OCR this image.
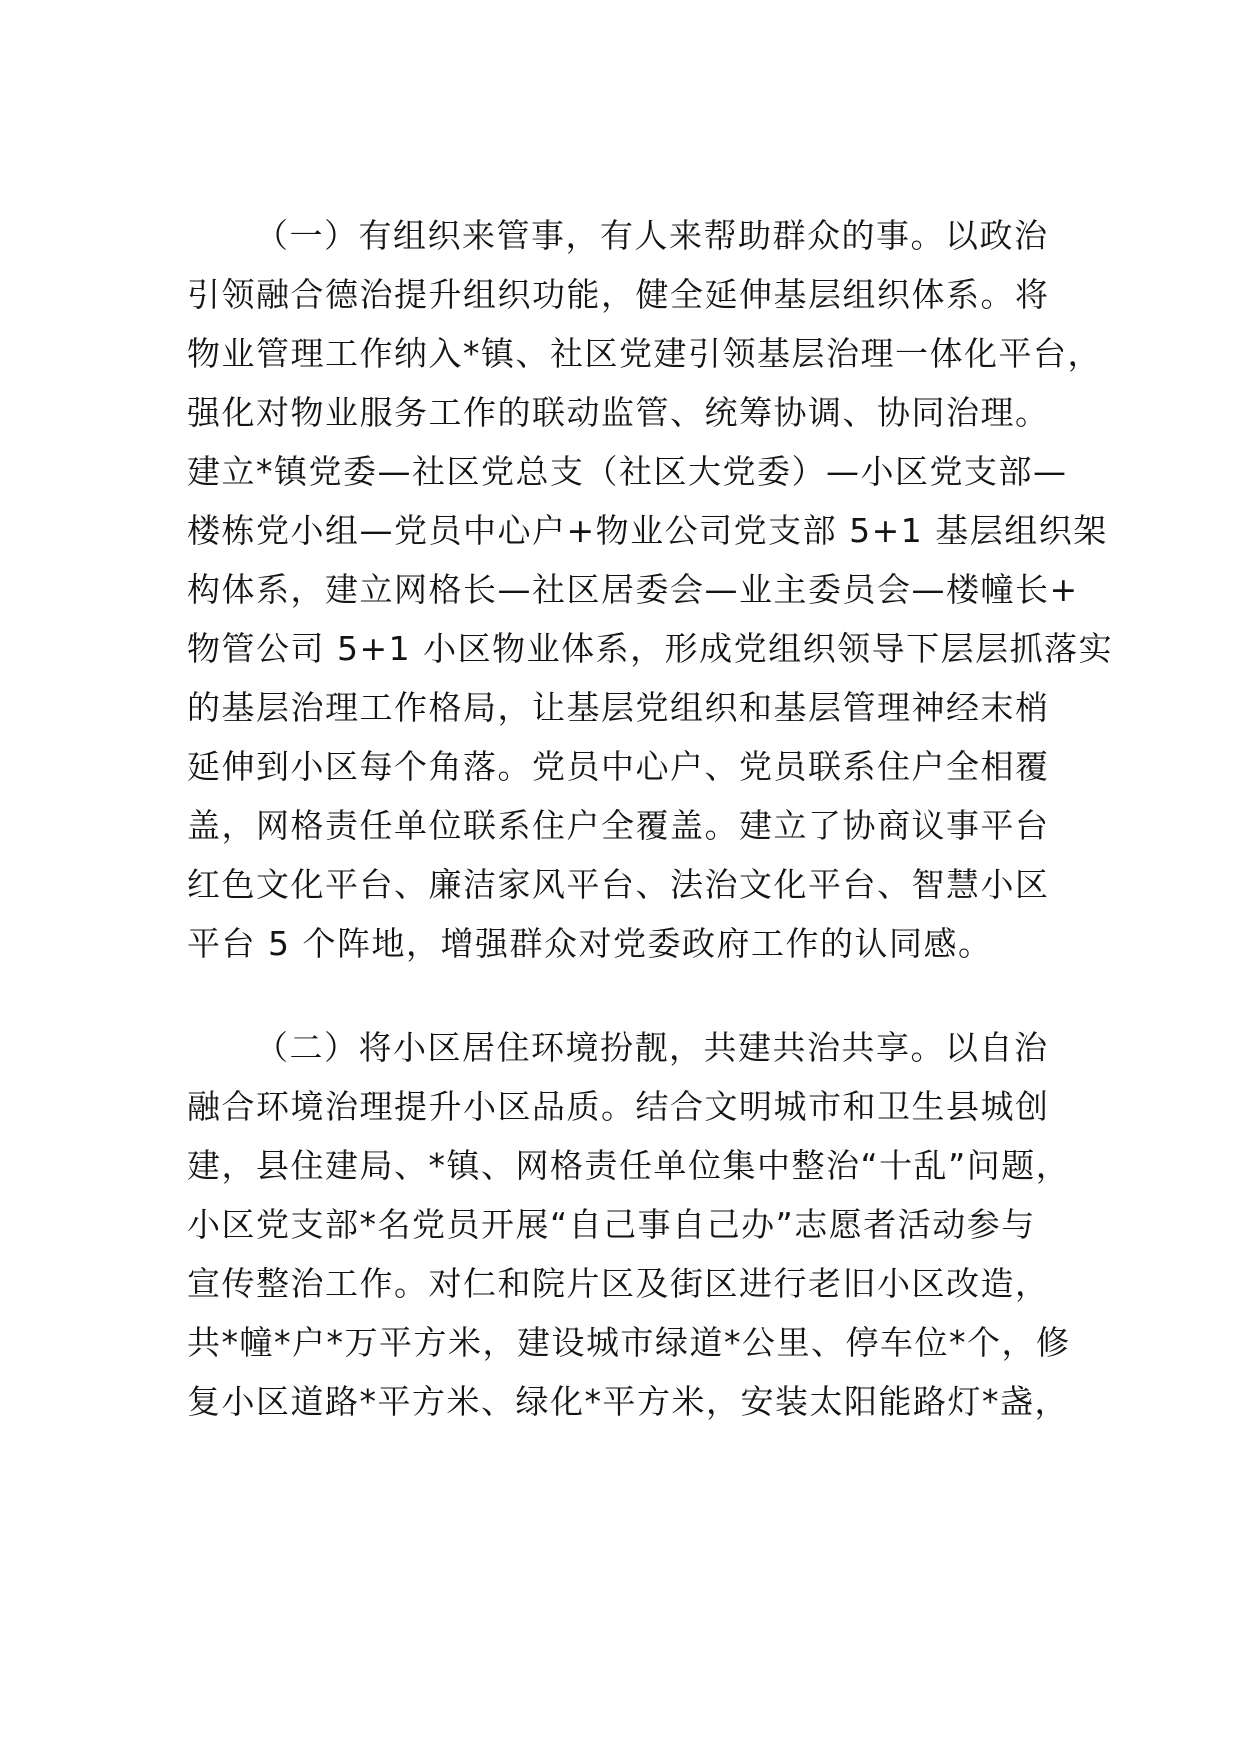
（一）有组织来管事，有人来帮助群众的事。以政治
引领融合德治提升组织功能，健全延伸基层组织体系。将
物业管理工作纳入*镇、社区党建引领基层治理一体化平台，
强化对物业服务工作的联动监管、统筹协调、协同治理。
建立*镇党委—社区党总支（社区大党委）—小区党支部—
楼栋党小组—党员中心户+物业公司党支部 5+1 基层组织架
构体系，建立网格长—社区居委会—业主委员会—楼幢长+
物管公司 5+1 小区物业体系，形成党组织领导下层层抓落实
的基层治理工作格局，让基层党组织和基层管理神经末梢
延伸到小区每个角落。党员中心户、党员联系住户全相覆
盖，网格责任单位联系住户全覆盖。建立了协商议事平台
红色文化平台、廉洁家风平台、法治文化平台、智慧小区
平台 5 个阵地，增强群众对党委政府工作的认同感。
（二）将小区居住环境扮靓，共建共治共享。以自治
融合环境治理提升小区品质。结合文明城市和卫生县城创
建，县住建局、*镇、网格责任单位集中整治“十乱”问题，
小区党支部*名党员开展“自己事自己办”志愿者活动参与
宣传整治工作。对仁和院片区及街区进行老旧小区改造，
共*幢*户*万平方米，建设城市绿道*公里、停车位*个，修
复小区道路*平方米、绿化*平方米，安装太阳能路灯*盏，
